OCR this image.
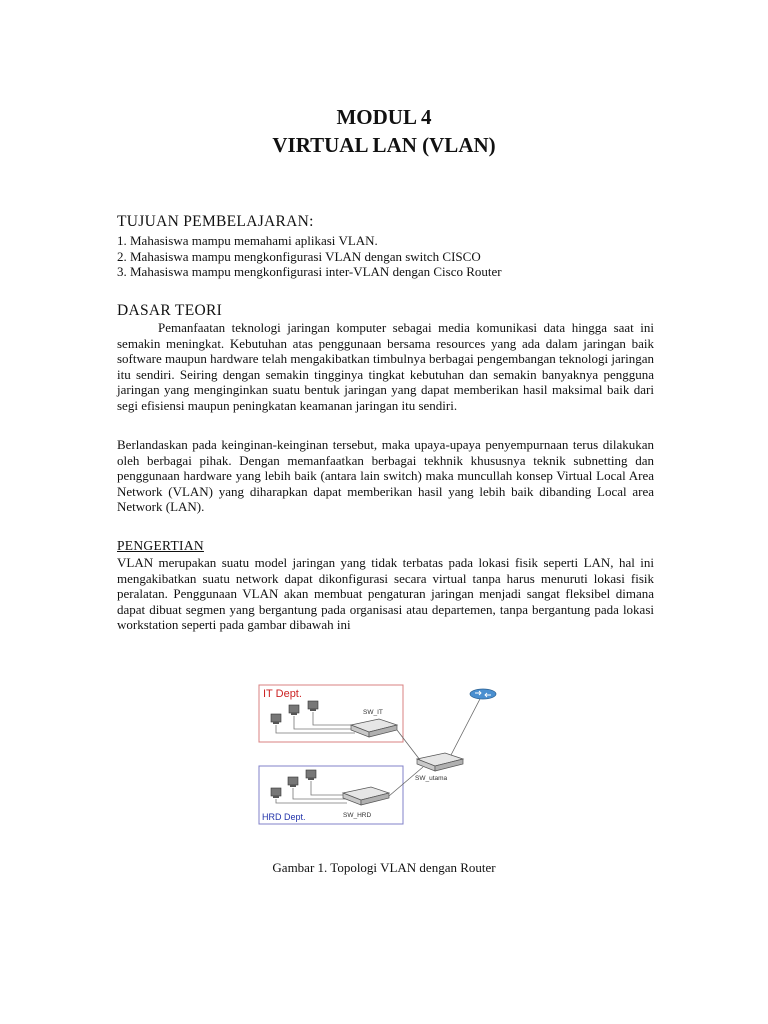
MODUL 4
VIRTUAL LAN (VLAN)
TUJUAN PEMBELAJARAN:
1. Mahasiswa mampu memahami aplikasi VLAN.
2. Mahasiswa mampu mengkonfigurasi VLAN dengan switch CISCO
3. Mahasiswa mampu mengkonfigurasi inter-VLAN dengan Cisco Router
DASAR TEORI

Pemanfaatan teknologi jaringan komputer sebagai media komunikasi data hingga saat ini semakin meningkat. Kebutuhan atas penggunaan bersama resources yang ada dalam jaringan baik software maupun hardware telah mengakibatkan timbulnya berbagai pengembangan teknologi jaringan itu sendiri. Seiring dengan semakin tingginya tingkat kebutuhan dan semakin banyaknya pengguna jaringan yang menginginkan suatu bentuk jaringan yang dapat memberikan hasil maksimal baik dari segi efisiensi maupun peningkatan keamanan jaringan itu sendiri.

Berlandaskan pada keinginan-keinginan tersebut, maka upaya-upaya penyempurnaan terus dilakukan oleh berbagai pihak. Dengan memanfaatkan berbagai tekhnik khususnya teknik subnetting dan penggunaan hardware yang lebih baik (antara lain switch) maka muncullah konsep Virtual Local Area Network (VLAN) yang diharapkan dapat memberikan hasil yang lebih baik dibanding Local area Network (LAN).

PENGERTIAN

VLAN merupakan suatu model jaringan yang tidak terbatas pada lokasi fisik seperti LAN, hal ini mengakibatkan suatu network dapat dikonfigurasi secara virtual tanpa harus menuruti lokasi fisik peralatan. Penggunaan VLAN akan membuat pengaturan jaringan menjadi sangat fleksibel dimana dapat dibuat segmen yang bergantung pada organisasi atau departemen, tanpa bergantung pada lokasi workstation seperti pada gambar dibawah ini

IT Dept.
HRD Dept.
SW_IT
SW_HRD
SW_utama
Gambar 1. Topologi VLAN dengan Router
